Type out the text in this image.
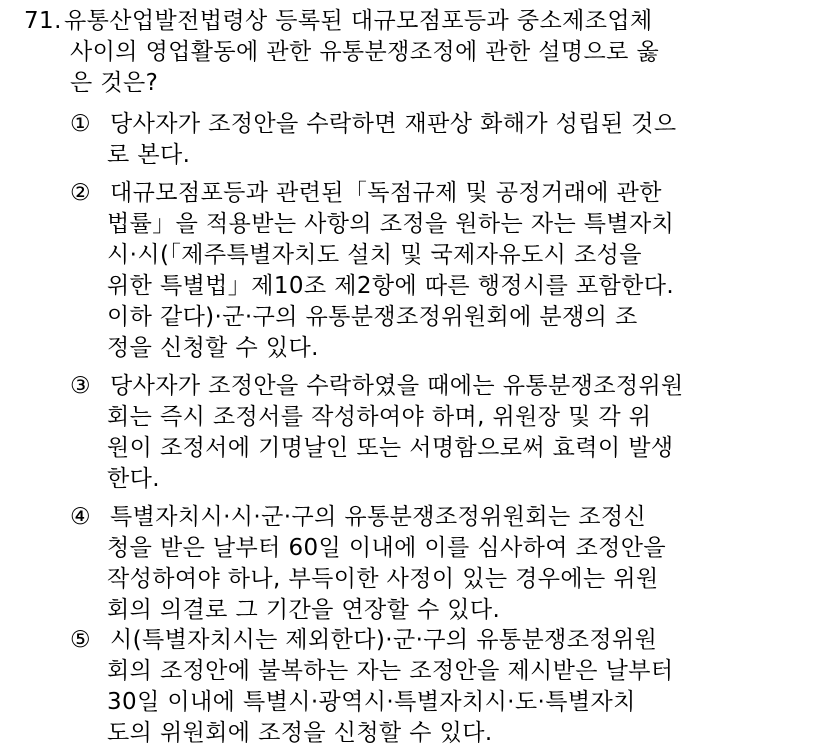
71.유통산업발전법령상 등록된 대규모점포등과 중소제조업체
사이의 영업활동에 관한 유통분쟁조정에 관한 설명으로 옳
은 것은?
① 당사자가 조정안을 수락하면 재판상 화해가 성립된 것으
로 본다.
② 대규모점포등과 관련된「독점규제 및 공정거래에 관한
법률」을 적용받는 사항의 조정을 원하는 자는 특별자치
시·시(「제주특별자치도 설치 및 국제자유도시 조성을
위한 특별법」제10조 제2항에 따른 행정시를 포함한다.
이하 같다)·군·구의 유통분쟁조정위원회에 분쟁의 조
정을 신청할 수 있다.
③ 당사자가 조정안을 수락하였을 때에는 유통분쟁조정위원
회는 즉시 조정서를 작성하여야 하며, 위원장 및 각 위
원이 조정서에 기명날인 또는 서명함으로써 효력이 발생
한다.
④ 특별자치시·시·군·구의 유통분쟁조정위원회는 조정신
청을 받은 날부터 60일 이내에 이를 심사하여 조정안을
작성하여야 하나, 부득이한 사정이 있는 경우에는 위원
회의 의결로 그 기간을 연장할 수 있다.
⑤ 시(특별자치시는 제외한다)·군·구의 유통분쟁조정위원
회의 조정안에 불복하는 자는 조정안을 제시받은 날부터
30일 이내에 특별시·광역시·특별자치시·도·특별자치
도의 위원회에 조정을 신청할 수 있다.
